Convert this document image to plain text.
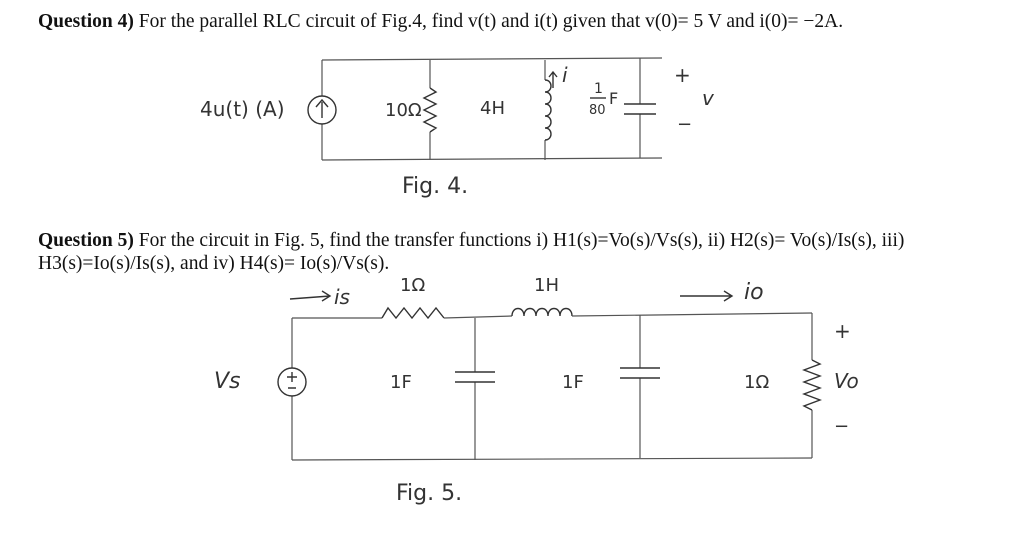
Question 4) For the parallel RLC circuit of Fig.4, find v(t) and i(t) given that v(0)= 5 V and i(0)= −2A.
Question 5) For the circuit in Fig. 5, find the transfer functions i) H1(s)=Vo(s)/Vs(s), ii) H2(s)= Vo(s)/Is(s), iii)
H3(s)=Io(s)/Is(s), and iv) H4(s)= Io(s)/Vs(s).
4u(t) (A)	10Ω	4H
i
1
80
F
+
−
v
Fig. 4.
is	1Ω	1H	io
Vs	1F	1F	1Ω
+
−
Vo
Fig. 5.
